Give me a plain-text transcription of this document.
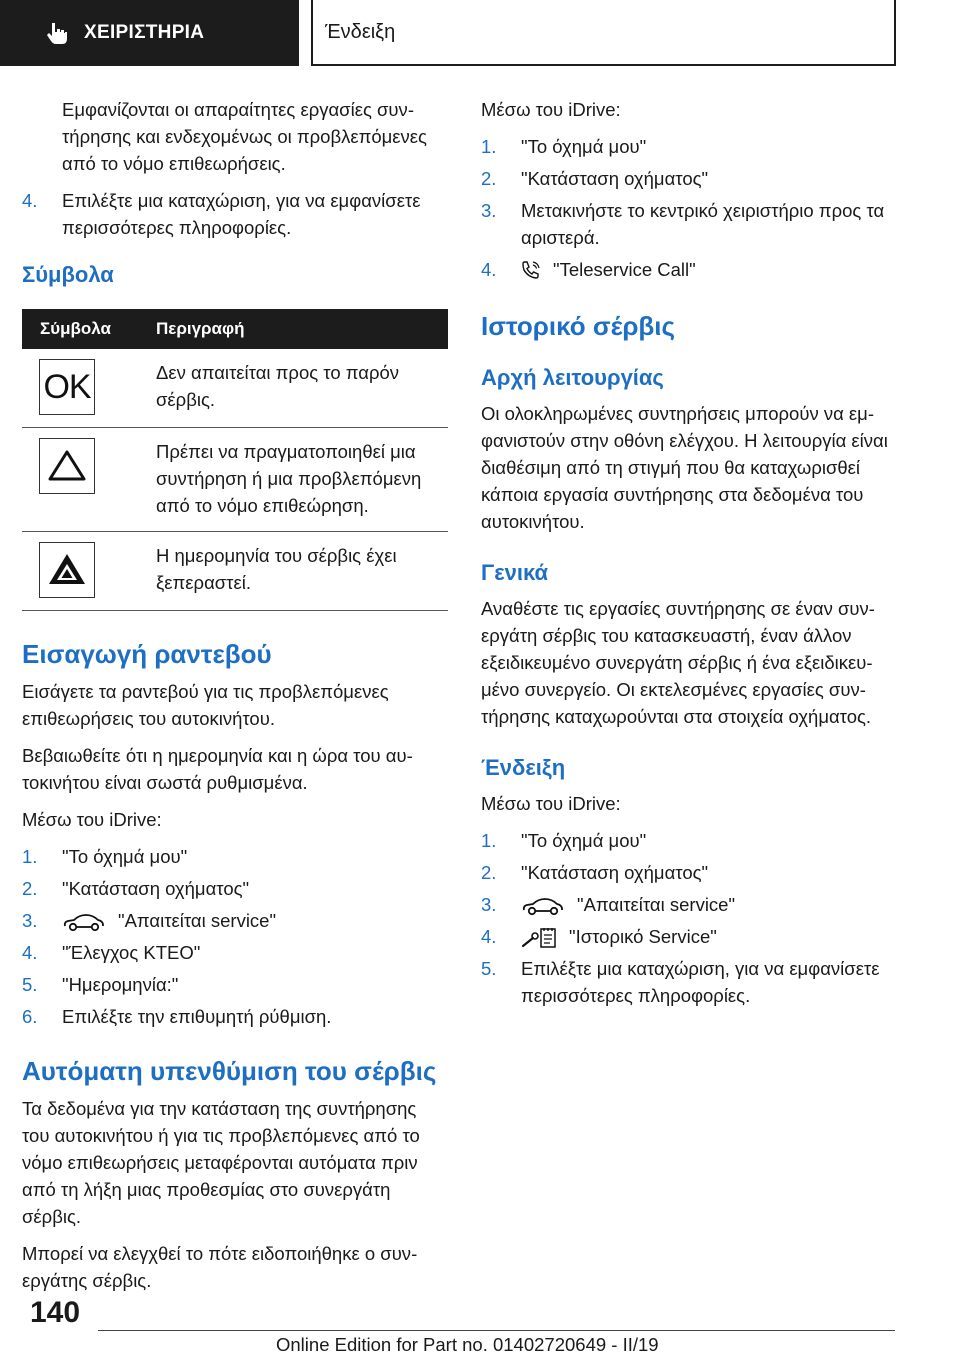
ΧΕΙΡΙΣΤΗΡΙΑ	Ένδειξη

Εμφανίζονται οι απαραίτητες εργασίες συντήρησης και ενδεχομένως οι προβλεπόμενες από το νόμο επιθεωρήσεις.

4. Επιλέξτε μια καταχώριση, για να εμφανίσετε περισσότερες πληροφορίες.
Σύμβολα
Σύμβολα	Περιγραφή

OK	Δεν απαιτείται προς το παρόν σέρβις.

	Πρέπει να πραγματοποιηθεί μια συντήρηση ή μια προβλεπόμενη από το νόμο επιθεώρηση.

	Η ημερομηνία του σέρβις έχει ξεπεραστεί.
Εισαγωγή ραντεβού

Εισάγετε τα ραντεβού για τις προβλεπόμενες επιθεωρήσεις του αυτοκινήτου.

Βεβαιωθείτε ότι η ημερομηνία και η ώρα του αυτοκινήτου είναι σωστά ρυθμισμένα.

Μέσω του iDrive:

1. "Το όχημά μου"
2. "Κατάσταση οχήματος"
3.	"Απαιτείται service"
4. "Έλεγχος ΚΤΕΟ"
5. "Ημερομηνία:"
6. Επιλέξτε την επιθυμητή ρύθμιση.
Αυτόματη υπενθύμιση του σέρβις

Τα δεδομένα για την κατάσταση της συντήρησης του αυτοκινήτου ή για τις προβλεπόμενες από το νόμο επιθεωρήσεις μεταφέρονται αυτόματα πριν από τη λήξη μιας προθεσμίας στο συνεργάτη σέρβις.

Μπορεί να ελεγχθεί το πότε ειδοποιήθηκε ο συνεργάτης σέρβις.

Μέσω του iDrive:

1. "Το όχημά μου"
2. "Κατάσταση οχήματος"
3. Μετακινήστε το κεντρικό χειριστήριο προς τα αριστερά.
4.	"Teleservice Call"
Ιστορικό σέρβις
Αρχή λειτουργίας

Οι ολοκληρωμένες συντηρήσεις μπορούν να εμφανιστούν στην οθόνη ελέγχου. Η λειτουργία είναι διαθέσιμη από τη στιγμή που θα καταχωρισθεί κάποια εργασία συντήρησης στα δεδομένα του αυτοκινήτου.

Γενικά

Αναθέστε τις εργασίες συντήρησης σε έναν συνεργάτη σέρβις του κατασκευαστή, έναν άλλον εξειδικευμένο συνεργάτη σέρβις ή ένα εξειδικευμένο συνεργείο. Οι εκτελεσμένες εργασίες συντήρησης καταχωρούνται στα στοιχεία οχήματος.

Ένδειξη

Μέσω του iDrive:

1. "Το όχημά μου"
2. "Κατάσταση οχήματος"
3.	"Απαιτείται service"
4.	"Ιστορικό Service"
5. Επιλέξτε μια καταχώριση, για να εμφανίσετε περισσότερες πληροφορίες.
140
Online Edition for Part no. 01402720649 - II/19
